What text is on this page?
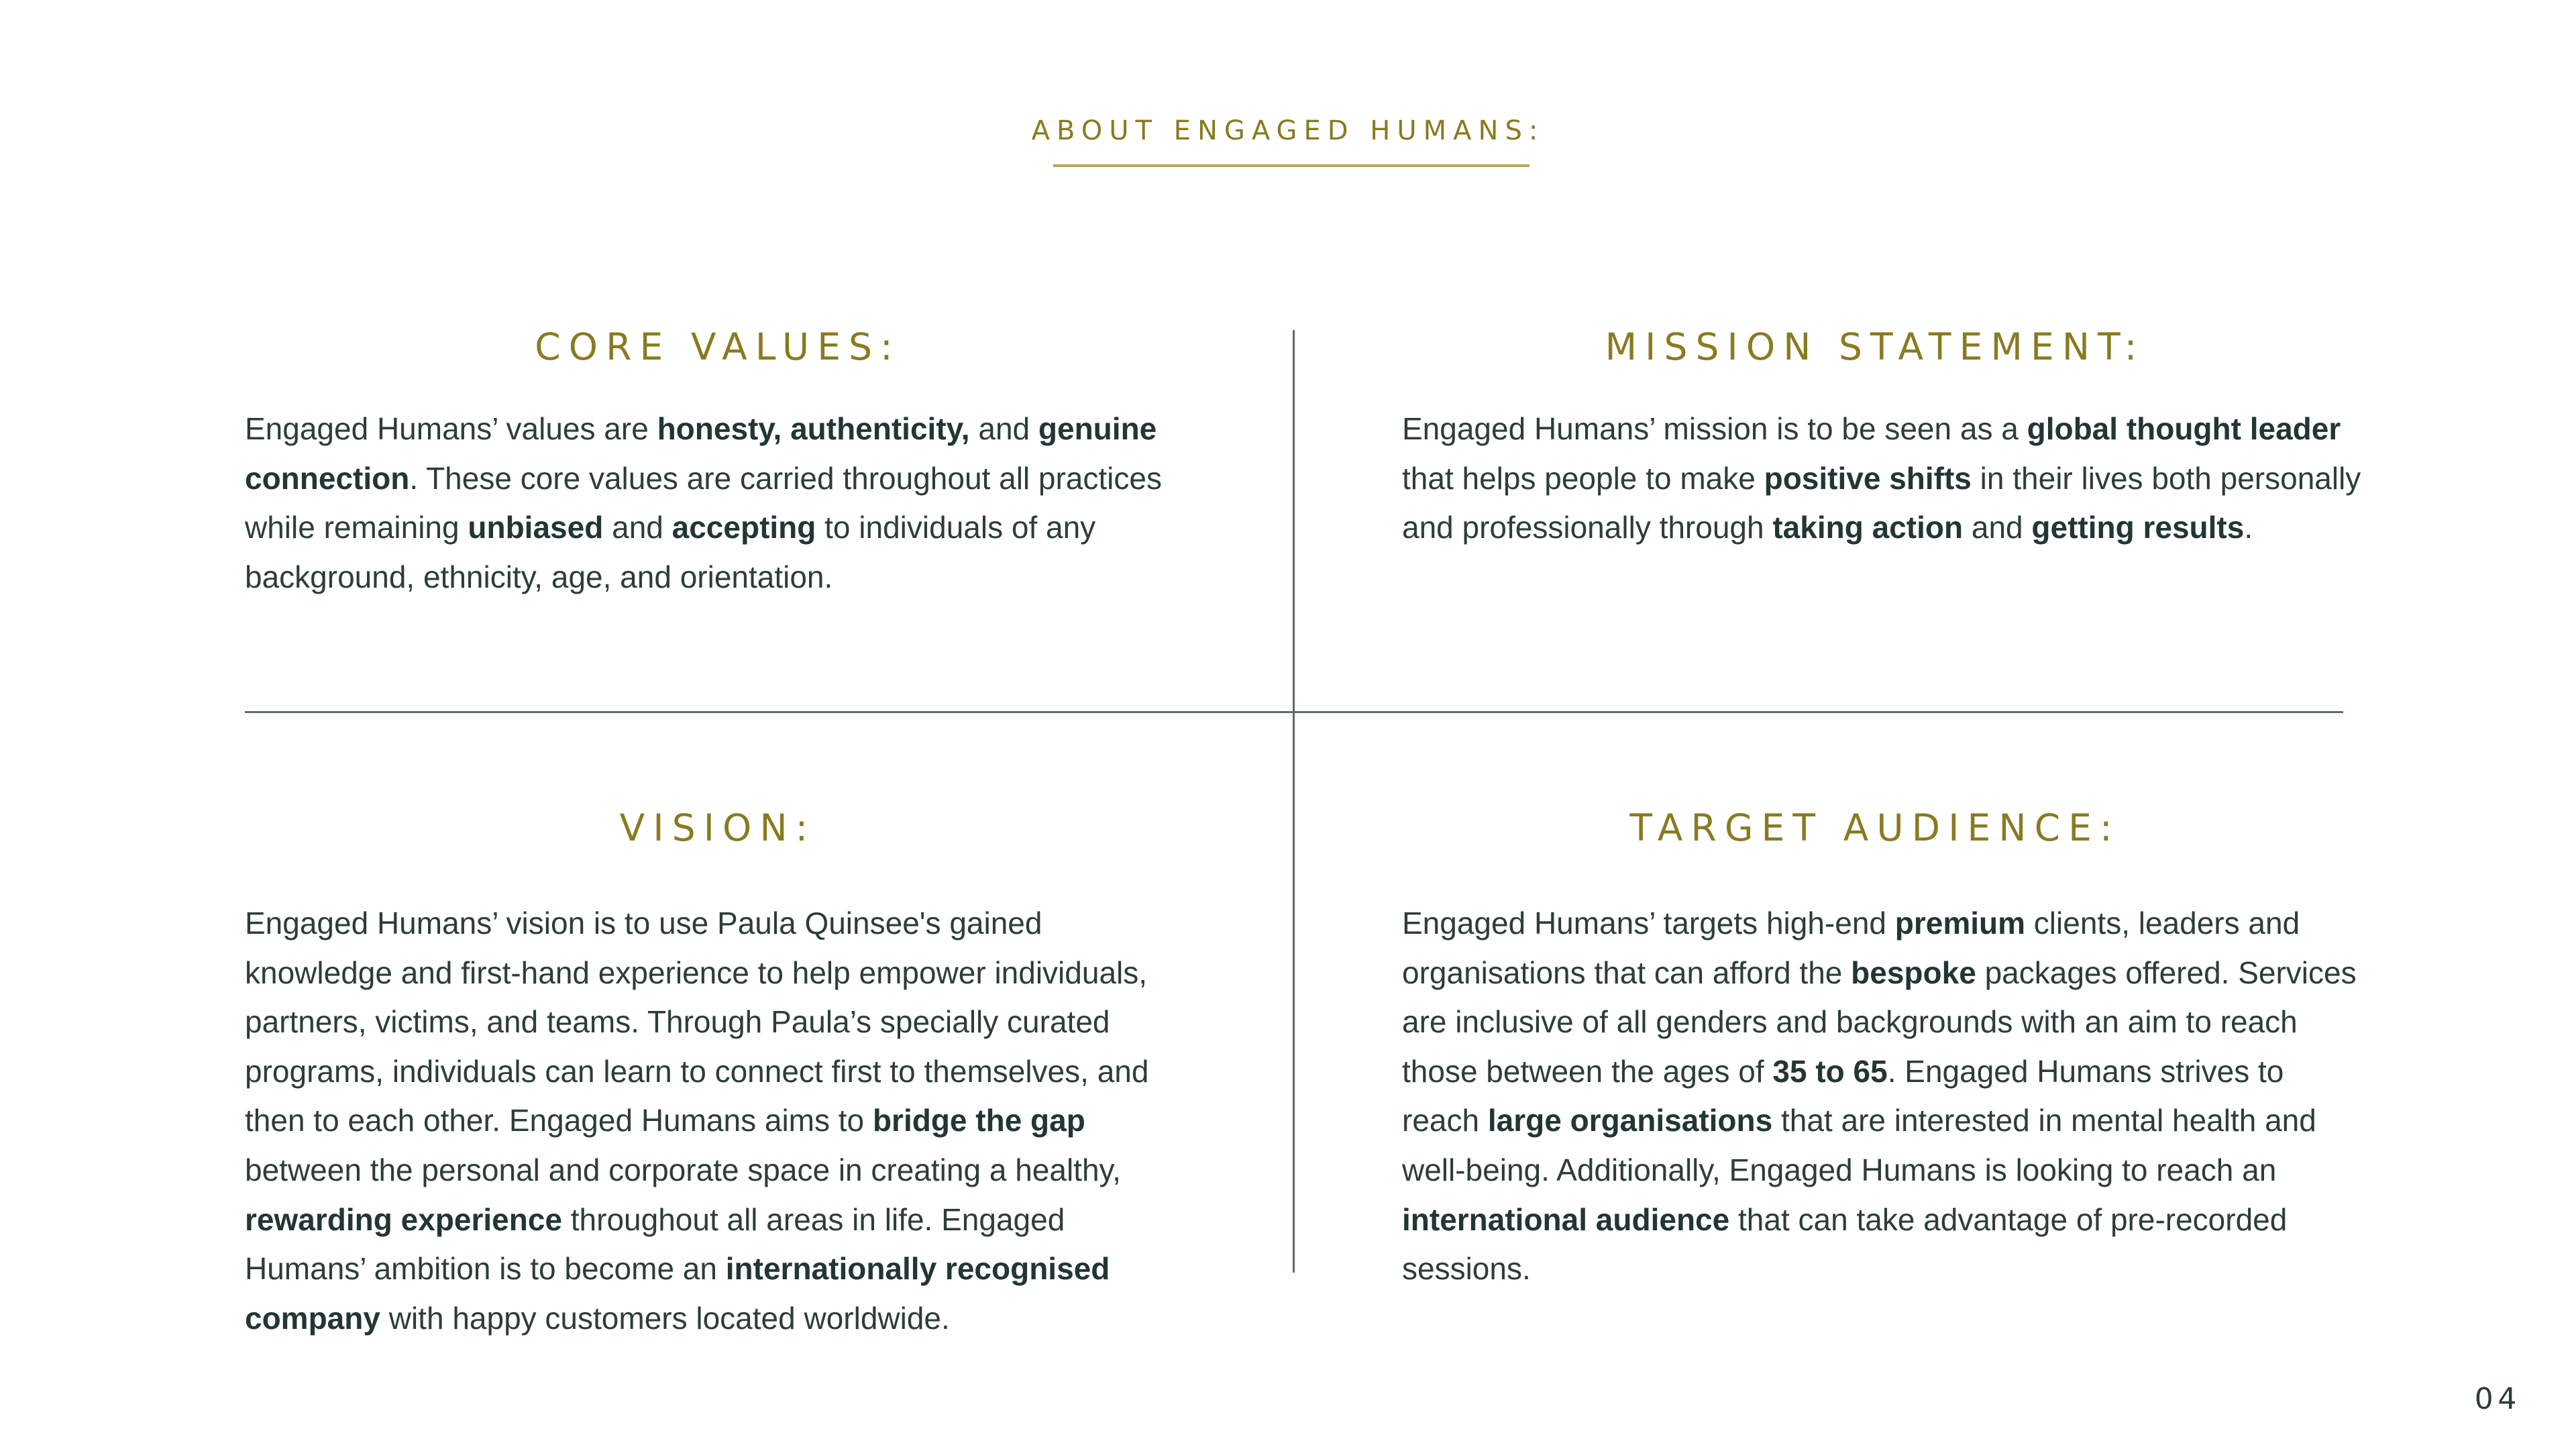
ABOUT ENGAGED HUMANS:
CORE VALUES:
Engaged Humans’ values are honesty, authenticity, and genuine connection. These core values are carried throughout all practices while remaining unbiased and accepting to individuals of any background, ethnicity, age, and orientation.
MISSION STATEMENT:
Engaged Humans’ mission is to be seen as a global thought leader that helps people to make positive shifts in their lives both personally and professionally through taking action and getting results.
VISION:
Engaged Humans’ vision is to use Paula Quinsee's gained knowledge and first-hand experience to help empower individuals, partners, victims, and teams. Through Paula’s specially curated programs, individuals can learn to connect first to themselves, and then to each other. Engaged Humans aims to bridge the gap between the personal and corporate space in creating a healthy, rewarding experience throughout all areas in life. Engaged Humans’ ambition is to become an internationally recognised company with happy customers located worldwide.
TARGET AUDIENCE:
Engaged Humans’ targets high-end premium clients, leaders and organisations that can afford the bespoke packages offered. Services are inclusive of all genders and backgrounds with an aim to reach those between the ages of 35 to 65. Engaged Humans strives to reach large organisations that are interested in mental health and well-being. Additionally, Engaged Humans is looking to reach an international audience that can take advantage of pre-recorded sessions.
04
